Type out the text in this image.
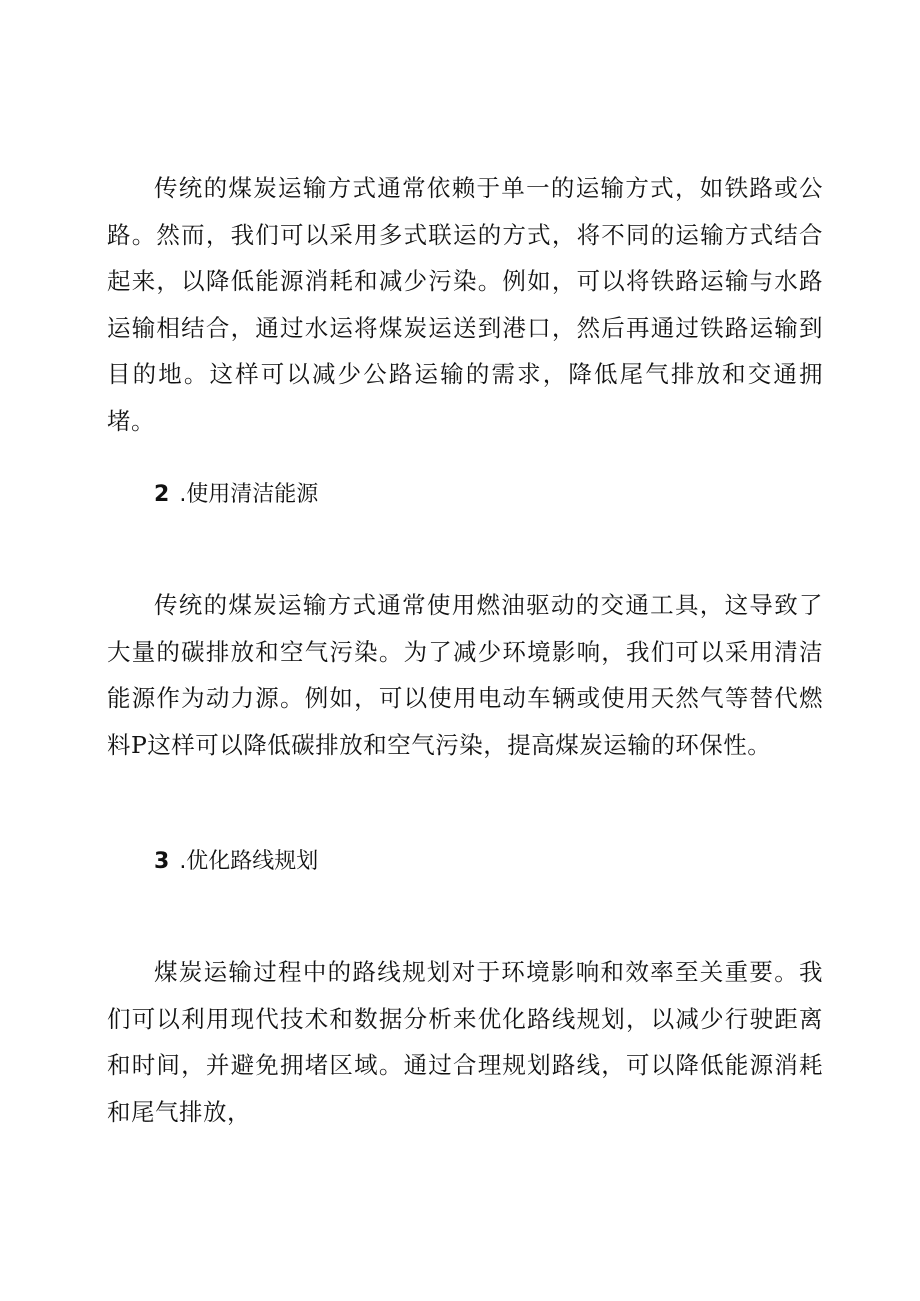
传统的煤炭运输方式通常依赖于单一的运输方式，如铁路或公路。然而，我们可以采用多式联运的方式，将不同的运输方式结合起来，以降低能源消耗和减少污染。例如，可以将铁路运输与水路运输相结合，通过水运将煤炭运送到港口，然后再通过铁路运输到目的地。这样可以减少公路运输的需求，降低尾气排放和交通拥堵。

2 .使用清洁能源

传统的煤炭运输方式通常使用燃油驱动的交通工具，这导致了大量的碳排放和空气污染。为了减少环境影响，我们可以采用清洁能源作为动力源。例如，可以使用电动车辆或使用天然气等替代燃料P这样可以降低碳排放和空气污染，提高煤炭运输的环保性。

3 .优化路线规划

煤炭运输过程中的路线规划对于环境影响和效率至关重要。我们可以利用现代技术和数据分析来优化路线规划，以减少行驶距离和时间，并避免拥堵区域。通过合理规划路线，可以降低能源消耗和尾气排放，
